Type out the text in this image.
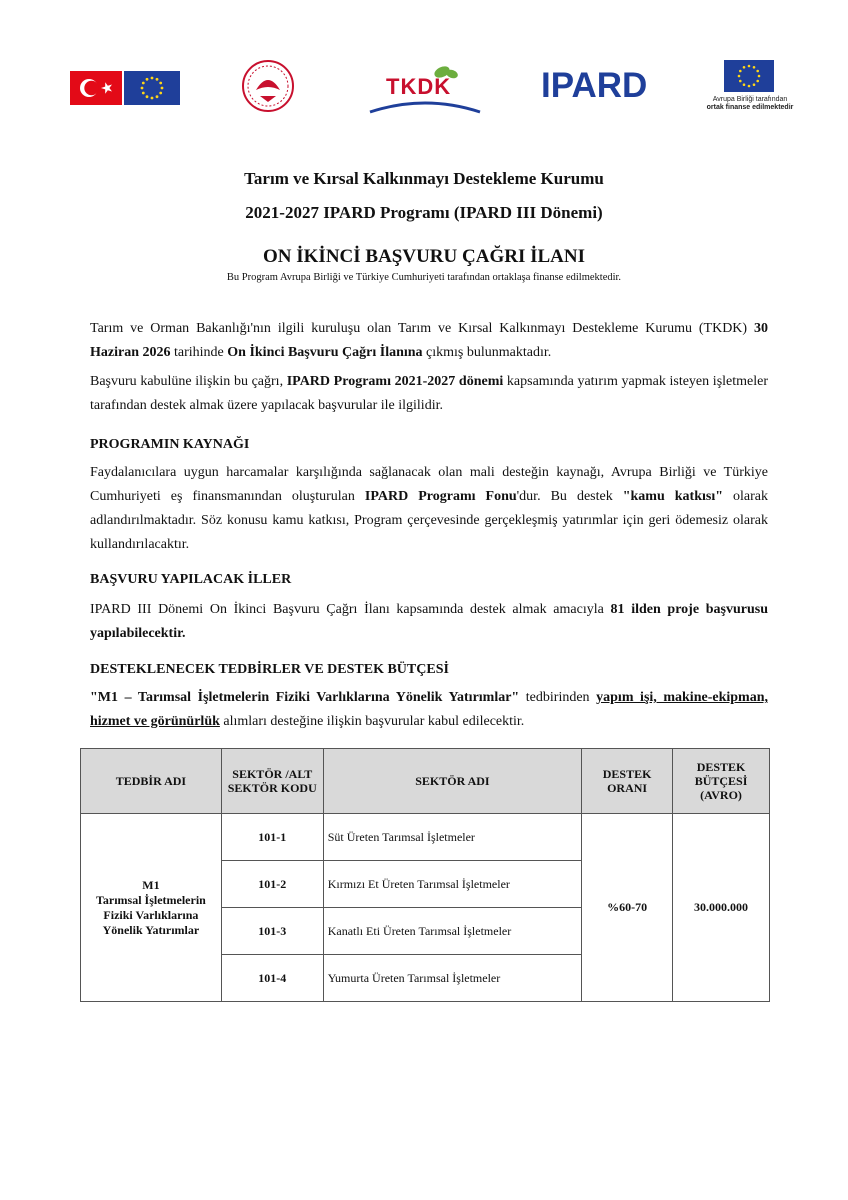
TKDK	IPARD	Avrupa Birliği tarafından
ortak finanse edilmektedir
Tarım ve Kırsal Kalkınmayı Destekleme Kurumu
2021-2027 IPARD Programı (IPARD III Dönemi)
ON İKİNCİ BAŞVURU ÇAĞRI İLANI
Bu Program Avrupa Birliği ve Türkiye Cumhuriyeti tarafından ortaklaşa finanse edilmektedir.

Tarım ve Orman Bakanlığı'nın ilgili kuruluşu olan Tarım ve Kırsal Kalkınmayı Destekleme Kurumu (TKDK) 30 Haziran 2026 tarihinde On İkinci Başvuru Çağrı İlanına çıkmış bulunmaktadır.

Başvuru kabulüne ilişkin bu çağrı, IPARD Programı 2021-2027 dönemi kapsamında yatırım yapmak isteyen işletmeler tarafından destek almak üzere yapılacak başvurular ile ilgilidir.

PROGRAMIN KAYNAĞI

Faydalanıcılara uygun harcamalar karşılığında sağlanacak olan mali desteğin kaynağı, Avrupa Birliği ve Türkiye Cumhuriyeti eş finansmanından oluşturulan IPARD Programı Fonu'dur. Bu destek "kamu katkısı" olarak adlandırılmaktadır. Söz konusu kamu katkısı, Program çerçevesinde gerçekleşmiş yatırımlar için geri ödemesiz olarak kullandırılacaktır.

BAŞVURU YAPILACAK İLLER

IPARD III Dönemi On İkinci Başvuru Çağrı İlanı kapsamında destek almak amacıyla 81 ilden proje başvurusu yapılabilecektir.

DESTEKLENECEK TEDBİRLER VE DESTEK BÜTÇESİ

"M1 – Tarımsal İşletmelerin Fiziki Varlıklarına Yönelik Yatırımlar" tedbirinden yapım işi, makine-ekipman, hizmet ve görünürlük alımları desteğine ilişkin başvurular kabul edilecektir.

TEDBİR ADI	SEKTÖR /ALT SEKTÖR KODU	SEKTÖR ADI	DESTEK ORANI	DESTEK BÜTÇESİ (AVRO)

M1
Tarımsal İşletmelerin Fiziki Varlıklarına Yönelik Yatırımlar	101-1	Süt Üreten Tarımsal İşletmeler	%60-70	30.000.000
	101-2	Kırmızı Et Üreten Tarımsal İşletmeler		
	101-3	Kanatlı Eti Üreten Tarımsal İşletmeler		
	101-4	Yumurta Üreten Tarımsal İşletmeler		
